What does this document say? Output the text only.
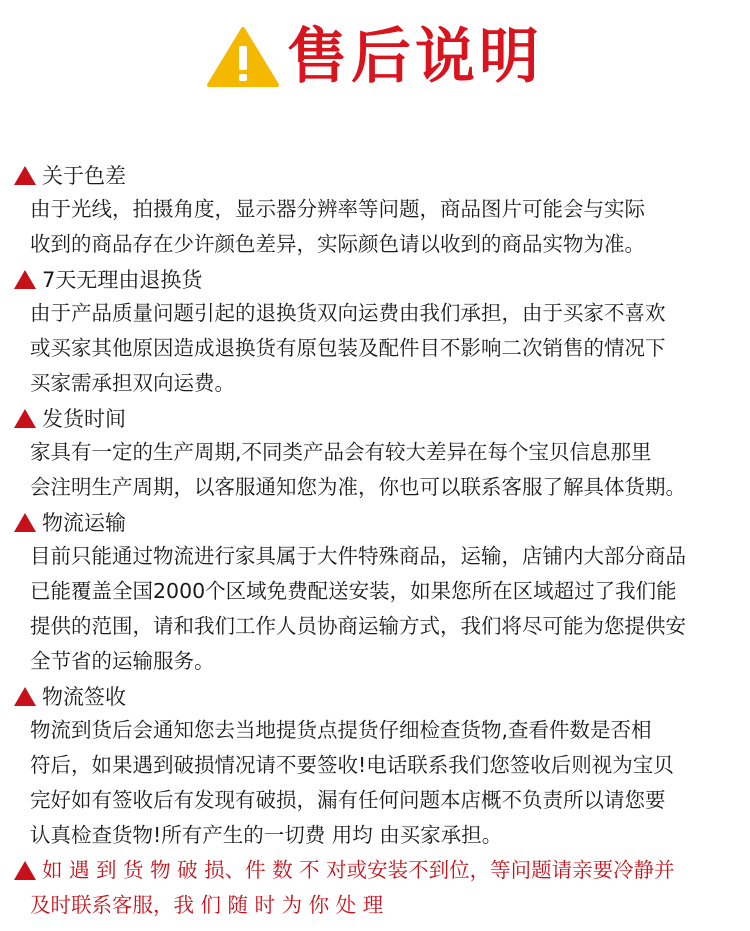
售后说明
关于色差
由于光线，拍摄角度，显示器分辨率等问题，商品图片可能会与实际
收到的商品存在少许颜色差异，实际颜色请以收到的商品实物为准。
7天无理由退换货
由于产品质量问题引起的退换货双向运费由我们承担，由于买家不喜欢
或买家其他原因造成退换货有原包装及配件目不影响二次销售的情况下
买家需承担双向运费。
发货时间
家具有一定的生产周期,不同类产品会有较大差异在每个宝贝信息那里
会注明生产周期，以客服通知您为准，你也可以联系客服了解具体货期。
物流运输
目前只能通过物流进行家具属于大件特殊商品，运输，店铺内大部分商品
已能覆盖全国2000个区域免费配送安装，如果您所在区域超过了我们能
提供的范围，请和我们工作人员协商运输方式，我们将尽可能为您提供安
全节省的运输服务。
物流签收
物流到货后会通知您去当地提货点提货仔细检查货物,查看件数是否相
符后，如果遇到破损情况请不要签收!电话联系我们您签收后则视为宝贝
完好如有签收后有发现有破损，漏有任何问题本店概不负责所以请您要
认真检查货物!所有产生的一切费 用均 由买家承担。
如 遇 到 货 物 破 损、件 数 不 对或安装不到位，等问题请亲要冷静并
及时联系客服，我 们 随 时 为 你 处 理
